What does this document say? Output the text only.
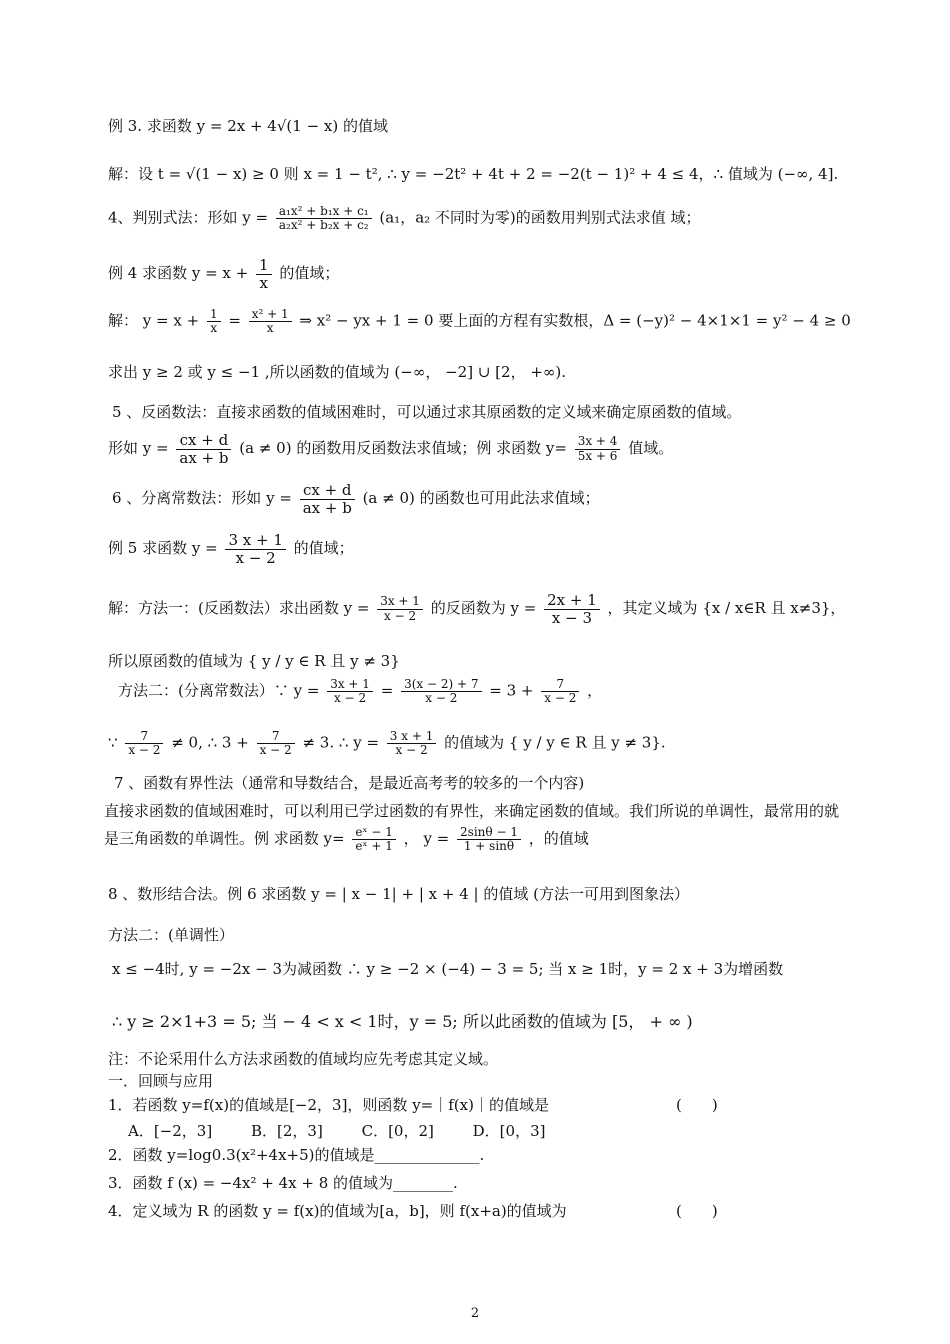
例 3. 求函数 y = 2x + 4√(1 − x) 的值域
解：设 t = √(1 − x) ≥ 0 则 x = 1 − t², ∴ y = −2t² + 4t + 2 = −2(t − 1)² + 4 ≤ 4，∴ 值域为 (−∞, 4].
4、判别式法：形如 $y = \frac{\text{a₁x² + b₁x + c₁}}{\text{a₂x² + b₂x + c₂}} (a_1$，a₂ 不同时为零)的函数用判别式法求值 域；
例 4 求函数 $y = x + \frac{1}{x}$ 的值域；
解： $y = x + \frac{1}{x} = \frac{\text{x² + 1}}{x}$ ⇒ x² − yx + 1 = 0 要上面的方程有实数根，Δ = (−y)² − 4×1×1 = y² − 4 ≥ 0
求出 y ≥ 2 或 y ≤ −1 ,所以函数的值域为 (−∞， −2] ∪ [2， +∞).
5 、反函数法：直接求函数的值域困难时，可以通过求其原函数的定义域来确定原函数的值域。
形如 $y = \frac{cx + d}{ax + b} (a \ne 0)$ 的函数用反函数法求值域；例 求函数 $y= \frac{3x + 4}{5x + 6}$ 值域。
6 、分离常数法：形如 $y = \frac{cx + d}{ax + b} (a \ne 0)$ 的函数也可用此法求值域；
例 5 求函数 $y = \frac{3 x + 1}{x - 2}$ 的值域；
解：方法一：(反函数法）求出函数 $y = \frac{3x + 1}{x - 2}$ 的反函数为 $y = \frac{2x + 1}{x - 3}$ ，其定义域为 {x / x∈R 且 x≠3}，
所以原函数的值域为 { y / y ∈ R 且 y ≠ 3}
方法二：(分离常数法）∵ $y = \frac{3x + 1}{x - 2} = \frac{3(x - 2) + 7}{x - 2} = 3 + \frac{7}{x - 2}$ ，
∵ $\frac{7}{x - 2} \ne 0$, ∴ $3 + \frac{7}{x - 2} \ne 3$. ∴ $y = \frac{3 x + 1}{x - 2}$ 的值域为 { y / y ∈ R 且 y ≠ 3}.
7 、函数有界性法（通常和导数结合，是最近高考考的较多的一个内容)
直接求函数的值域困难时，可以利用已学过函数的有界性，来确定函数的值域。我们所说的单调性，最常用的就
是三角函数的单调性。例 求函数 $y= \frac{\text{eˣ − 1}}{\text{eˣ + 1}}$ ， $y = \frac{2\sin\theta - 1}{1 + \sin\theta}$ ，的值域
8 、数形结合法。例 6 求函数 y = | x − 1| + | x + 4 | 的值域 (方法一可用到图象法）
方法二：(单调性）
x ≤ −4时, y = −2x − 3为减函数 ∴ y ≥ −2 × (−4) − 3 = 5; 当 x ≥ 1时，y = 2 x + 3为增函数
∴ y ≥ 2×1+3 = 5; 当 − 4 < x < 1时，y = 5; 所以此函数的值域为 [5， + ∞ )
注：不论采用什么方法求函数的值域均应先考虑其定义域。
一．回顾与应用
1．若函数 y=f(x)的值域是[−2，3]，则函数 y=｜f(x)｜的值域是	(　　)
A．[−2，3]	B．[2，3]	C．[0，2]	D．[0，3]
2．函数 y=log0.3(x²+4x+5)的值域是______________.
3．函数 f (x) = −4x² + 4x + 8 的值域为________.
4．定义域为 R 的函数 y = f(x)的值域为[a，b]，则 f(x+a)的值域为	(　　)
2
